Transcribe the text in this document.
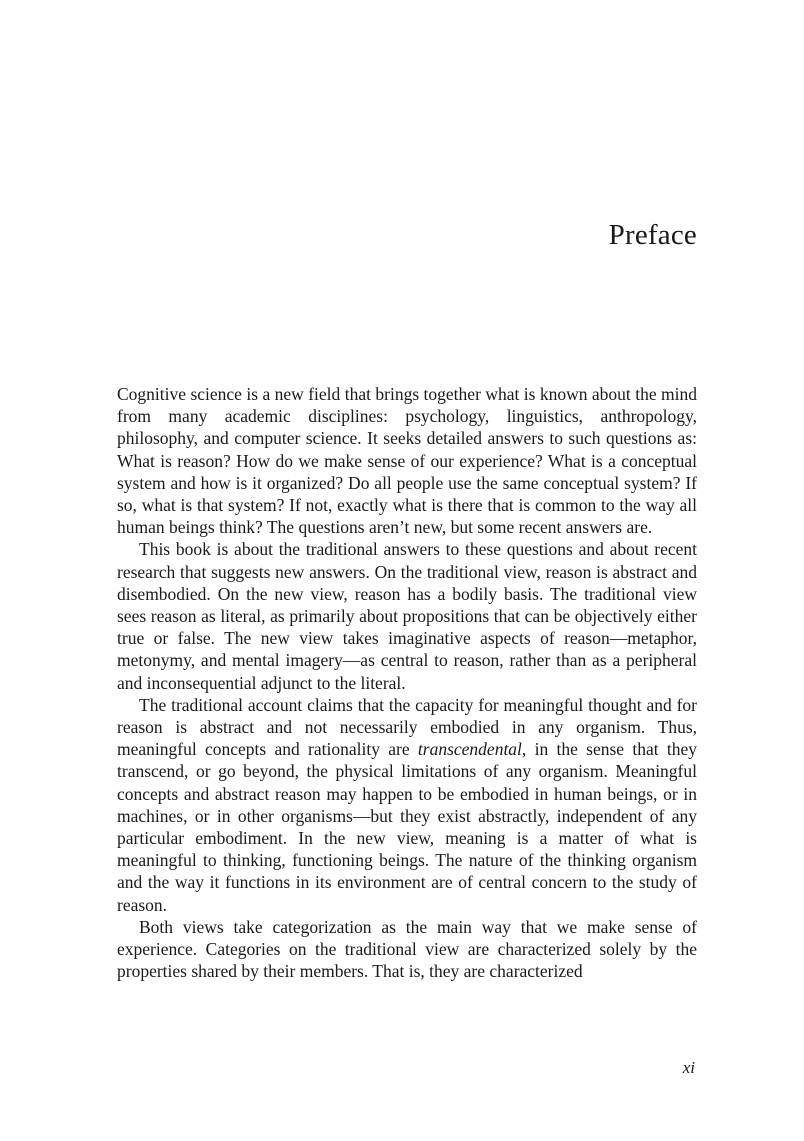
Preface

Cognitive science is a new field that brings together what is known about the mind from many academic disciplines: psychology, linguistics, anthropology, philosophy, and computer science. It seeks detailed answers to such questions as: What is reason? How do we make sense of our experience? What is a conceptual system and how is it organized? Do all people use the same conceptual system? If so, what is that system? If not, exactly what is there that is common to the way all human beings think? The questions aren’t new, but some recent answers are.

This book is about the traditional answers to these questions and about recent research that suggests new answers. On the traditional view, reason is abstract and disembodied. On the new view, reason has a bodily basis. The traditional view sees reason as literal, as primarily about propositions that can be objectively either true or false. The new view takes imaginative aspects of reason—metaphor, metonymy, and mental imagery—as central to reason, rather than as a peripheral and inconsequential adjunct to the literal.

The traditional account claims that the capacity for meaningful thought and for reason is abstract and not necessarily embodied in any organism. Thus, meaningful concepts and rationality are transcendental, in the sense that they transcend, or go beyond, the physical limitations of any organism. Meaningful concepts and abstract reason may happen to be embodied in human beings, or in machines, or in other organisms—but they exist abstractly, independent of any particular embodiment. In the new view, meaning is a matter of what is meaningful to thinking, functioning beings. The nature of the thinking organism and the way it functions in its environment are of central concern to the study of reason.

Both views take categorization as the main way that we make sense of experience. Categories on the traditional view are characterized solely by the properties shared by their members. That is, they are characterized

xi
